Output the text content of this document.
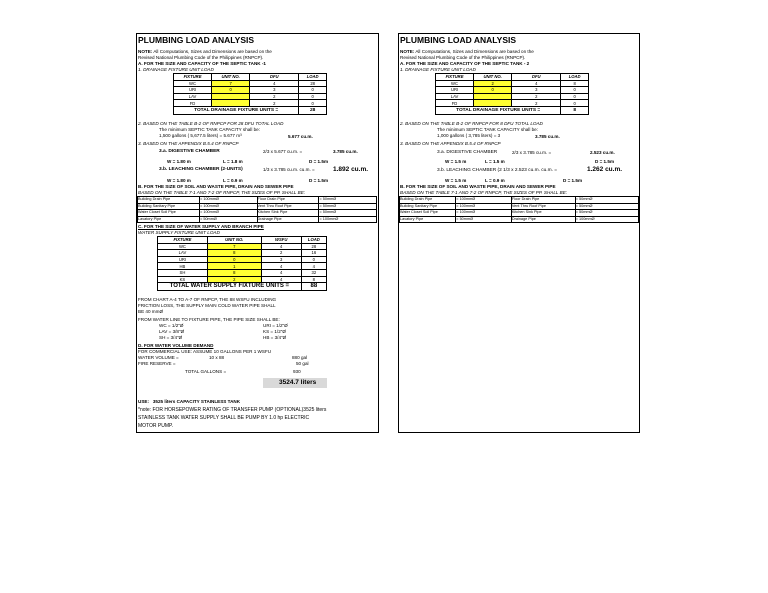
PLUMBING LOAD ANALYSIS
NOTE: All Computations, Sizes and Dimensions are based on the
Revised National Plumbing Code of the Philippines (RNPCP).
A. FOR THE SIZE AND CAPACITY OF THE SEPTIC TANK -1
1. DRAINAGE FIXTURE UNIT LOAD
FIXTURE	UNIT NO.	DFU	LOAD
WC	7	4	28
URI	0	3	0
LAV		2	0
FD		2	0
TOTAL DRAINAGE FIXTURE UNITS =			28
2. BASED ON THE TABLE B-2 OF RNPCP FOR 28 DFU TOTAL LOAD
The minimum SEPTIC TANK CAPACITY shall be:
1,500 gallons ( 5,677.5 liters) = 5.677 m³	5.677 cu.m.
3. BASED ON THE APPENDIX B.5.4 OF RNPCP
3.a. DIGESTIVE CHAMBER	2/3 x 5.677 cu.m. =	3.785 cu.m.
W = 1.80 m	L = 1.8 m	D = 1.5m
3.b. LEACHING CHAMBER (2-UNITS)	1/3 x 3.785 cu.m. cu.m. =	1.892 cu.m.
W = 1.80 m	L = 0.9 m	D = 1.5m
B. FOR THE SIZE OF SOIL AND WASTE PIPE, DRAIN AND SEWER PIPE
BASED ON THE TABLE 7-1 AND 7-2 OF RNPCP, THE SIZES OF PP. SHALL BE:
Building Drain Pipe	= 100mmØ	Floor Drain Pipe	= 50mmØ
Building Sanitary Pipe	= 100mmØ	Vent Thru Roof Pipe	= 50mmØ
Water Closet Soil Pipe	= 100mmØ	Kitchen Sink Pipe	= 50mmØ
Lavatory Pipe	= 50mmØ	Drainage Pipe	= 100mmØ
C. FOR THE SIZE OF WATER SUPPLY AND BRANCH PIPE
WATER SUPPLY FIXTURE UNIT LOAD
FIXTURE	UNIT NO.	WSFU	LOAD
WC	7	4	28
LAV	8	2	16
URI	0	3	0
HB	1	4	4
SH	8	4	32
KS	2	4	8
TOTAL WATER SUPPLY FIXTURE UNITS =			88
FROM CHART A-4 TO A-7 OF RNPCP, THE 88 WSFU INCLUDING
FRICTION LOSS, THE SUPPLY MAIN COLD WATER PIPE SHALL
BE 40 mmØ
FROM WATER LINE TO FIXTURE PIPE, THE PIPE SIZE SHALL BE:
WC = 1/2"Ø	URI = 1/2"Ø
LAV = 3/8"Ø	KS = 1/2"Ø
SH = 3/4"Ø	HB = 3/4"Ø
D. FOR WATER VOLUME DEMAND
FOR COMMERCIAL USE: ASSUME 10 GALLONS PER 1 WSFU
WATER VOLUME =	10 x 88	880 gal
FIRE RESERVE =	50 gal
TOTAL GALLONS =	930
3524.7 liters
USE: 3525 liters CAPACITY STAINLESS TANK
*note: FOR HORSEPOWER RATING OF TRANSFER PUMP (OPTIONAL)3525 liters
STAINLESS TANK WATER SUPPLY SHALL BE PUMP BY 1.0 hp ELECTRIC
MOTOR PUMP.
PLUMBING LOAD ANALYSIS
NOTE: All Computations, Sizes and Dimensions are based on the
Revised National Plumbing Code of the Philippines (RNPCP).
A. FOR THE SIZE AND CAPACITY OF THE SEPTIC TANK - 2
1. DRAINAGE FIXTURE UNIT LOAD
FIXTURE	UNIT NO.	DFU	LOAD
WC	2	4	8
URI	0	3	0
LAV		2	0
FD		2	0
TOTAL DRAINAGE FIXTURE UNITS =			8
2. BASED ON THE TABLE B-2 OF RNPCP FOR 8 DFU TOTAL LOAD
The minimum SEPTIC TANK CAPACITY shall be:
1,000 gallons ( 3,785 liters) = 3	3.785 cu.m.
3. BASED ON THE APPENDIX B.5.4 OF RNPCP
3.a. DIGESTIVE CHAMBER	2/3 x 3.785 cu.m. =	2.523 cu.m.
W = 1.5 m	L = 1.5 m	D = 1.5m
3.b. LEACHING CHAMBER (2 1/3 x 2.523 cu.m. cu.m. =	1.262 cu.m.
W = 1.5 m	L = 0.9 m	D = 1.5m
B. FOR THE SIZE OF SOIL AND WASTE PIPE, DRAIN AND SEWER PIPE
BASED ON THE TABLE 7-1 AND 7-2 OF RNPCP, THE SIZES OF PP. SHALL BE:
Building Drain Pipe	= 100mmØ	Floor Drain Pipe	= 50mmØ
Building Sanitary Pipe	= 100mmØ	Vent Thru Roof Pipe	= 50mmØ
Water Closet Soil Pipe	= 100mmØ	Kitchen Sink Pipe	= 50mmØ
Lavatory Pipe	= 50mmØ	Drainage Pipe	= 100mmØ
